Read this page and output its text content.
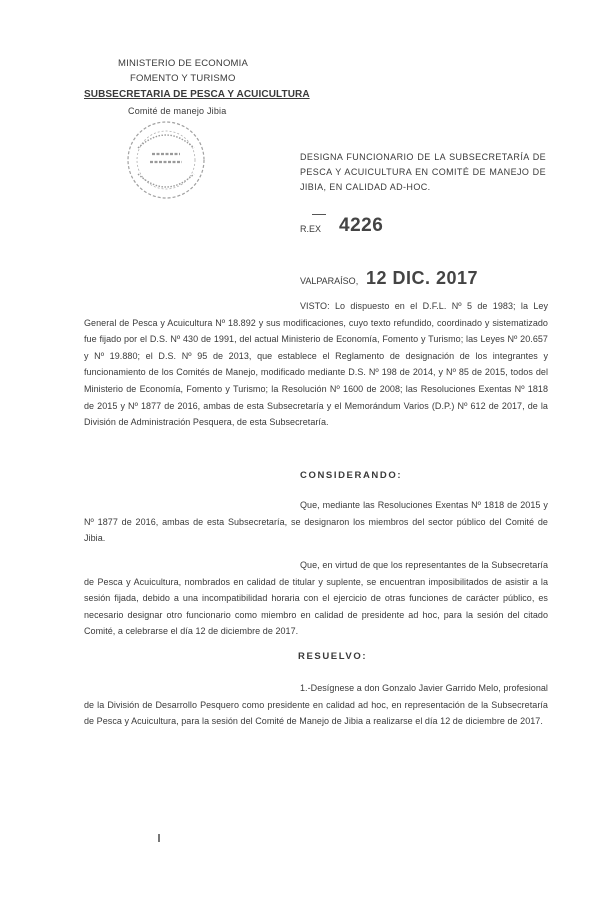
MINISTERIO DE ECONOMIA
FOMENTO Y TURISMO
SUBSECRETARIA DE PESCA Y ACUICULTURA
Comité de manejo Jibia
DESIGNA FUNCIONARIO DE LA SUBSECRETARÍA DE PESCA Y ACUICULTURA EN COMITÉ DE MANEJO DE JIBIA, EN CALIDAD AD-HOC.
R.EX 4226
VALPARAÍSO, 12 DIC. 2017
VISTO: Lo dispuesto en el D.F.L. Nº 5 de 1983; la Ley General de Pesca y Acuicultura Nº 18.892 y sus modificaciones, cuyo texto refundido, coordinado y sistematizado fue fijado por el D.S. Nº 430 de 1991, del actual Ministerio de Economía, Fomento y Turismo; las Leyes Nº 20.657 y Nº 19.880; el D.S. Nº 95 de 2013, que establece el Reglamento de designación de los integrantes y funcionamiento de los Comités de Manejo, modificado mediante D.S. Nº 198 de 2014, y Nº 85 de 2015, todos del Ministerio de Economía, Fomento y Turismo; la Resolución Nº 1600 de 2008; las Resoluciones Exentas Nº 1818 de 2015 y Nº 1877 de 2016, ambas de esta Subsecretaría y el Memorándum Varios (D.P.) Nº 612 de 2017, de la División de Administración Pesquera, de esta Subsecretaría.
CONSIDERANDO:
Que, mediante las Resoluciones Exentas Nº 1818 de 2015 y Nº 1877 de 2016, ambas de esta Subsecretaría, se designaron los miembros del sector público del Comité de Jibia.
Que, en virtud de que los representantes de la Subsecretaría de Pesca y Acuicultura, nombrados en calidad de titular y suplente, se encuentran imposibilitados de asistir a la sesión fijada, debido a una incompatibilidad horaria con el ejercicio de otras funciones de carácter público, es necesario designar otro funcionario como miembro en calidad de presidente ad hoc, para la sesión del citado Comité, a celebrarse el día 12 de diciembre de 2017.
RESUELVO:
1.-Desígnese a don Gonzalo Javier Garrido Melo, profesional de la División de Desarrollo Pesquero como presidente en calidad ad hoc, en representación de la Subsecretaría de Pesca y Acuicultura, para la sesión del Comité de Manejo de Jibia a realizarse el día 12 de diciembre de 2017.
